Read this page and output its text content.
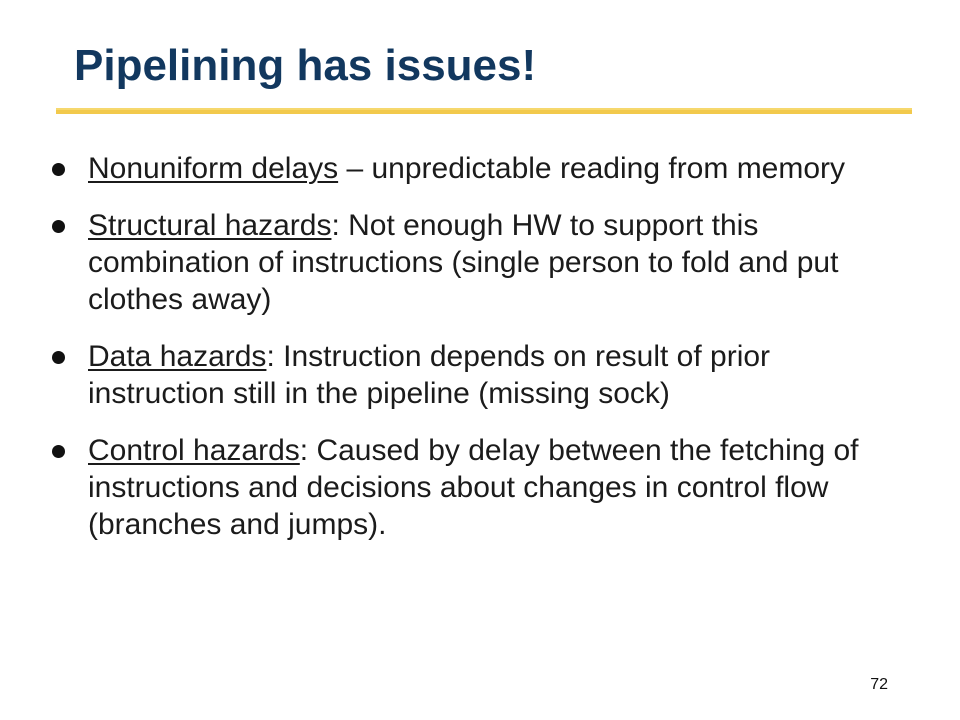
Pipelining has issues!
Nonuniform delays – unpredictable reading from memory
Structural hazards: Not enough HW to support this combination of instructions (single person to fold and put clothes away)
Data hazards: Instruction depends on result of prior instruction still in the pipeline (missing sock)
Control hazards: Caused by delay between the fetching of instructions and decisions about changes in control flow (branches and jumps).
72
